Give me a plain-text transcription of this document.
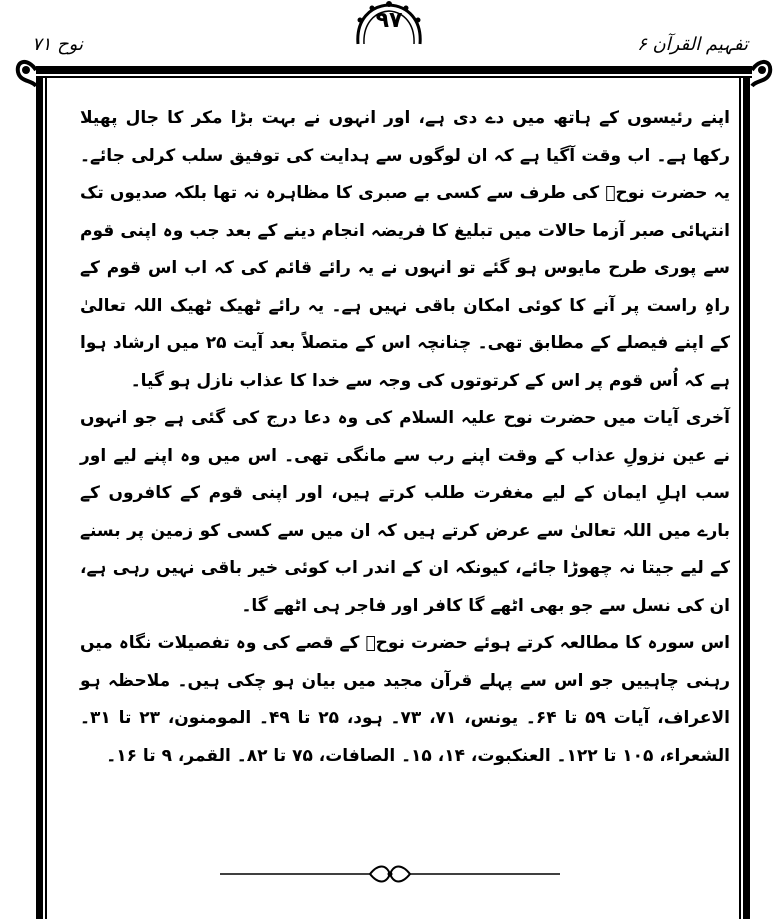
نوح ۷۱
۹۷
تفہیم القرآن ۶

اپنے رئیسوں کے ہاتھ میں دے دی ہے، اور انہوں نے بہت بڑا مکر کا جال پھیلا رکھا ہے۔ اب وقت آگیا ہے کہ ان لوگوں سے ہدایت کی توفیق سلب کرلی جائے۔ یہ حضرت نوحؑ کی طرف سے کسی بے صبری کا مظاہرہ نہ تھا بلکہ صدیوں تک انتہائی صبر آزما حالات میں تبلیغ کا فریضہ انجام دینے کے بعد جب وہ اپنی قوم سے پوری طرح مایوس ہو گئے تو انہوں نے یہ رائے قائم کی کہ اب اس قوم کے راہِ راست پر آنے کا کوئی امکان باقی نہیں ہے۔ یہ رائے ٹھیک ٹھیک اللہ تعالیٰ کے اپنے فیصلے کے مطابق تھی۔ چنانچہ اس کے متصلاً بعد آیت ۲۵ میں ارشاد ہوا ہے کہ اُس قوم پر اس کے کرتوتوں کی وجہ سے خدا کا عذاب نازل ہو گیا۔

آخری آیات میں حضرت نوح علیہ السلام کی وہ دعا درج کی گئی ہے جو انہوں نے عین نزولِ عذاب کے وقت اپنے رب سے مانگی تھی۔ اس میں وہ اپنے لیے اور سب اہلِ ایمان کے لیے مغفرت طلب کرتے ہیں، اور اپنی قوم کے کافروں کے بارے میں اللہ تعالیٰ سے عرض کرتے ہیں کہ ان میں سے کسی کو زمین پر بسنے کے لیے جیتا نہ چھوڑا جائے، کیونکہ ان کے اندر اب کوئی خیر باقی نہیں رہی ہے، ان کی نسل سے جو بھی اٹھے گا کافر اور فاجر ہی اٹھے گا۔

اس سورہ کا مطالعہ کرتے ہوئے حضرت نوحؑ کے قصے کی وہ تفصیلات نگاہ میں رہنی چاہییں جو اس سے پہلے قرآن مجید میں بیان ہو چکی ہیں۔ ملاحظہ ہو الاعراف، آیات ۵۹ تا ۶۴۔ یونس، ۷۱، ۷۳۔ ہود، ۲۵ تا ۴۹۔ المومنون، ۲۳ تا ۳۱۔ الشعراء، ۱۰۵ تا ۱۲۲۔ العنکبوت، ۱۴، ۱۵۔ الصافات، ۷۵ تا ۸۲۔ القمر، ۹ تا ۱۶۔
